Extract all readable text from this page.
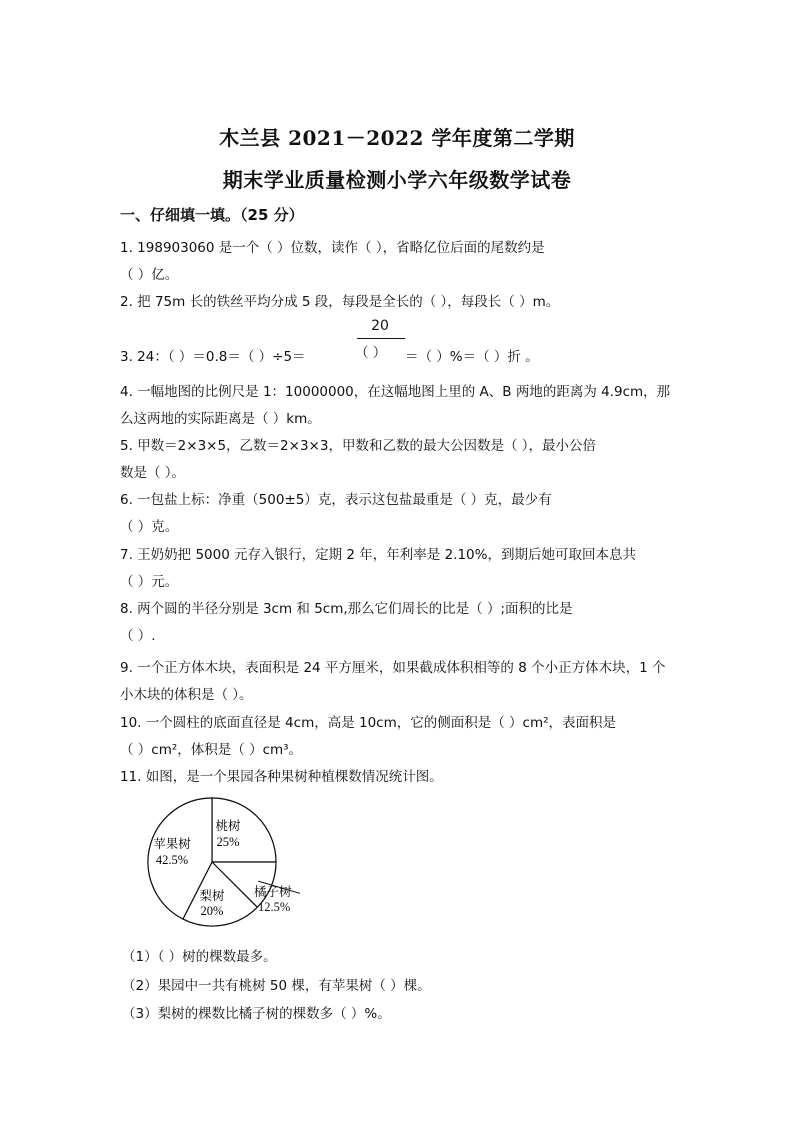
木兰县 2021－2022 学年度第二学期
期末学业质量检测小学六年级数学试卷
一、仔细填一填。（25 分）
1. 198903060 是一个（ ）位数，读作（ ），省略亿位后面的尾数约是
（ ）亿。
2. 把 75m 长的铁丝平均分成 5 段，每段是全长的（ ），每段长（ ）m。
20
3. 24：（ ）＝0.8＝（ ）÷5＝	（ ） ＝（ ）%＝（ ）折 。
4. 一幅地图的比例尺是 1：10000000，在这幅地图上里的 A、B 两地的距离为 4.9cm，那
么这两地的实际距离是（ ）km。
5. 甲数＝2×3×5，乙数＝2×3×3，甲数和乙数的最大公因数是（ ），最小公倍
数是（ ）。
6. 一包盐上标：净重（500±5）克，表示这包盐最重是（ ）克，最少有
（ ）克。
7. 王奶奶把 5000 元存入银行，定期 2 年，年利率是 2.10%，到期后她可取回本息共
（ ）元。
8. 两个圆的半径分别是 3cm 和 5cm,那么它们周长的比是（ ）;面积的比是
（ ）.
9. 一个正方体木块，表面积是 24 平方厘米，如果截成体积相等的 8 个小正方体木块，1 个
小木块的体积是（ ）。
10. 一个圆柱的底面直径是 4cm，高是 10cm，它的侧面积是（ ）cm²，表面积是
（ ）cm²，体积是（ ）cm³。
11. 如图，是一个果园各种果树种植棵数情况统计图。
桃树
25%
梨树
20%
苹果树
42.5%
橘子树
12.5%
（1）（ ）树的棵数最多。
（2）果园中一共有桃树 50 棵，有苹果树（ ）棵。
（3）梨树的棵数比橘子树的棵数多（ ）%。
